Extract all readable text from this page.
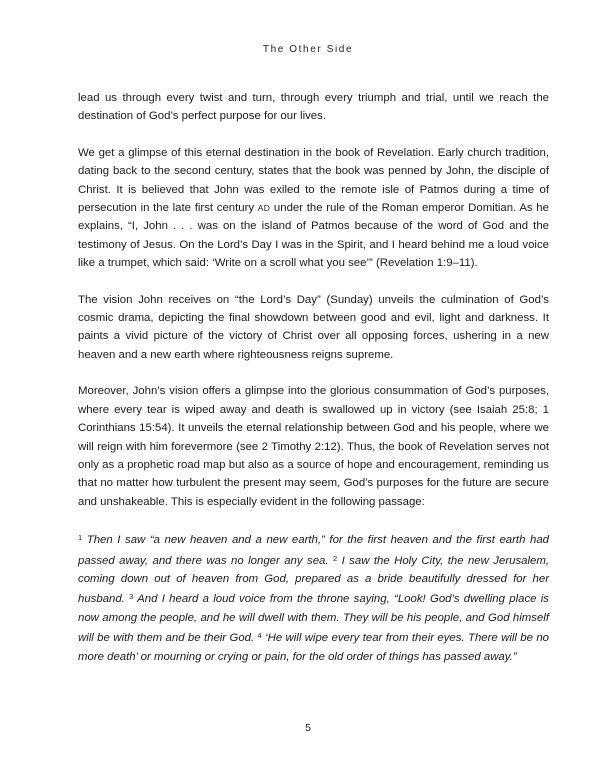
The Other Side

lead us through every twist and turn, through every triumph and trial, until we reach the destination of God’s perfect purpose for our lives.

We get a glimpse of this eternal destination in the book of Revelation. Early church tradition, dating back to the second century, states that the book was penned by John, the disciple of Christ. It is believed that John was exiled to the remote isle of Patmos during a time of persecution in the late first century AD under the rule of the Roman emperor Domitian. As he explains, “I, John . . . was on the island of Patmos because of the word of God and the testimony of Jesus. On the Lord’s Day I was in the Spirit, and I heard behind me a loud voice like a trumpet, which said: ‘Write on a scroll what you see’” (Revelation 1:9–11).

The vision John receives on “the Lord’s Day” (Sunday) unveils the culmination of God’s cosmic drama, depicting the final showdown between good and evil, light and darkness. It paints a vivid picture of the victory of Christ over all opposing forces, ushering in a new heaven and a new earth where righteousness reigns supreme.

Moreover, John’s vision offers a glimpse into the glorious consummation of God’s purposes, where every tear is wiped away and death is swallowed up in victory (see Isaiah 25:8; 1 Corinthians 15:54). It unveils the eternal relationship between God and his people, where we will reign with him forevermore (see 2 Timothy 2:12). Thus, the book of Revelation serves not only as a prophetic road map but also as a source of hope and encouragement, reminding us that no matter how turbulent the present may seem, God’s purposes for the future are secure and unshakeable. This is especially evident in the following passage:

$^1$ Then I saw “a new heaven and a new earth,” for the first heaven and the first earth had passed away, and there was no longer any sea. $^2$ I saw the Holy City, the new Jerusalem, coming down out of heaven from God, prepared as a bride beautifully dressed for her husband. $^3$ And I heard a loud voice from the throne saying, “Look! God’s dwelling place is now among the people, and he will dwell with them. They will be his people, and God himself will be with them and be their God. $^4$ ‘He will wipe every tear from their eyes. There will be no more death’ or mourning or crying or pain, for the old order of things has passed away.”

5
